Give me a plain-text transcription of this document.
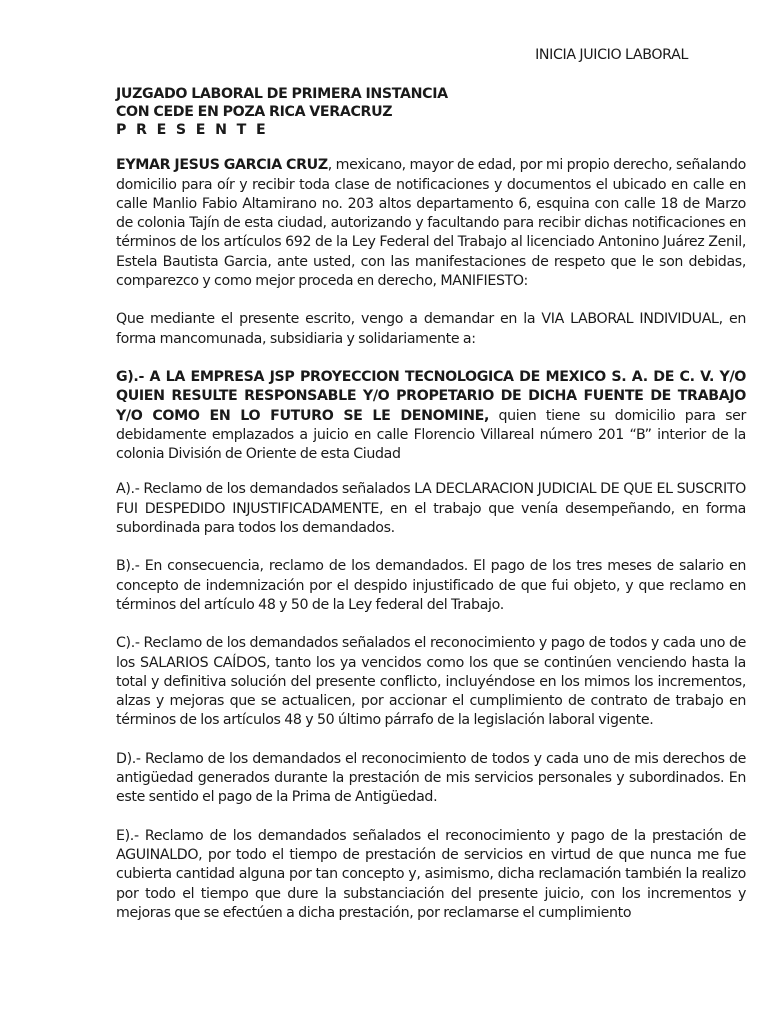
INICIA JUICIO LABORAL
JUZGADO LABORAL DE PRIMERA INSTANCIA
CON CEDE EN POZA RICA VERACRUZ
P R E S E N T E

EYMAR JESUS GARCIA CRUZ, mexicano, mayor de edad, por mi propio derecho, señalando domicilio para oír y recibir toda clase de notificaciones y documentos el ubicado en calle en calle Manlio Fabio Altamirano no. 203 altos departamento 6, esquina con calle 18 de Marzo de colonia Tajín de esta ciudad, autorizando y facultando para recibir dichas notificaciones en términos de los artículos 692 de la Ley Federal del Trabajo al licenciado Antonino Juárez Zenil, Estela Bautista Garcia, ante usted, con las manifestaciones de respeto que le son debidas, comparezco y como mejor proceda en derecho, MANIFIESTO:

Que mediante el presente escrito, vengo a demandar en la VIA LABORAL INDIVIDUAL, en forma mancomunada, subsidiaria y solidariamente a:

G).- A LA EMPRESA JSP PROYECCION TECNOLOGICA DE MEXICO S. A. DE C. V. Y/O QUIEN RESULTE RESPONSABLE Y/O PROPETARIO DE DICHA FUENTE DE TRABAJO Y/O COMO EN LO FUTURO SE LE DENOMINE, quien tiene su domicilio para ser debidamente emplazados a juicio en calle Florencio Villareal número 201 “B” interior de la colonia División de Oriente de esta Ciudad

A).- Reclamo de los demandados señalados LA DECLARACION JUDICIAL DE QUE EL SUSCRITO FUI DESPEDIDO INJUSTIFICADAMENTE, en el trabajo que venía desempeñando, en forma subordinada para todos los demandados.

B).- En consecuencia, reclamo de los demandados. El pago de los tres meses de salario en concepto de indemnización por el despido injustificado de que fui objeto, y que reclamo en términos del artículo 48 y 50 de la Ley federal del Trabajo.

C).- Reclamo de los demandados señalados el reconocimiento y pago de todos y cada uno de los SALARIOS CAÍDOS, tanto los ya vencidos como los que se continúen venciendo hasta la total y definitiva solución del presente conflicto, incluyéndose en los mimos los incrementos, alzas y mejoras que se actualicen, por accionar el cumplimiento de contrato de trabajo en términos de los artículos 48 y 50 último párrafo de la legislación laboral vigente.

D).- Reclamo de los demandados el reconocimiento de todos y cada uno de mis derechos de antigüedad generados durante la prestación de mis servicios personales y subordinados. En este sentido el pago de la Prima de Antigüedad.

E).- Reclamo de los demandados señalados el reconocimiento y pago de la prestación de AGUINALDO, por todo el tiempo de prestación de servicios en virtud de que nunca me fue cubierta cantidad alguna por tan concepto y, asimismo, dicha reclamación también la realizo por todo el tiempo que dure la substanciación del presente juicio, con los incrementos y mejoras que se efectúen a dicha prestación, por reclamarse el cumplimiento
